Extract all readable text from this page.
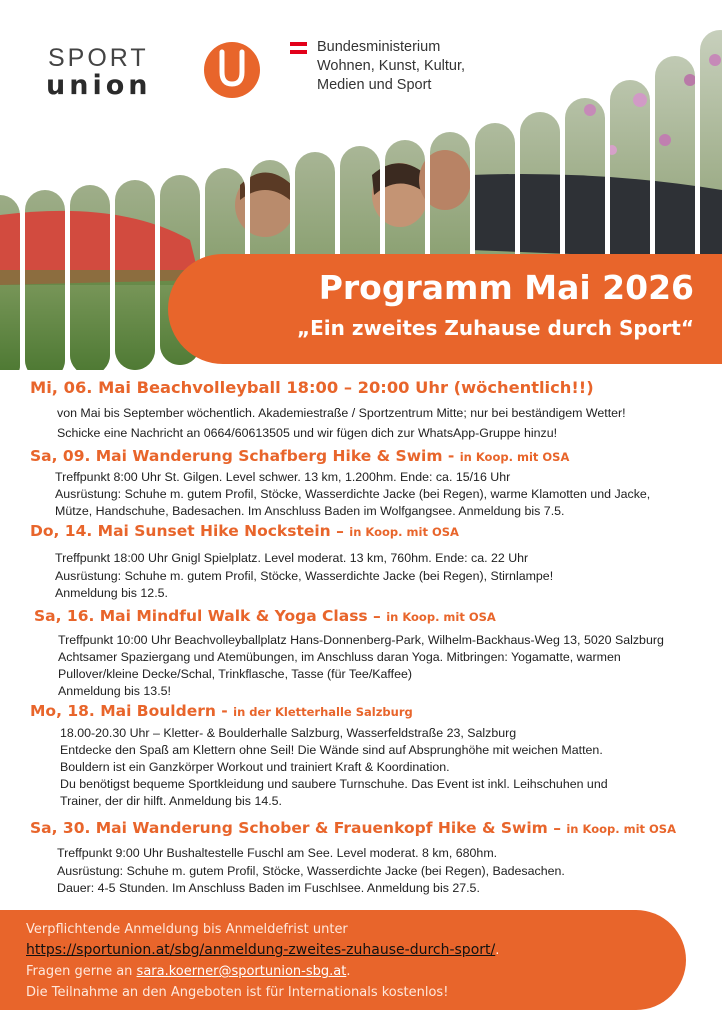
SPORT
union
Bundesministerium
Wohnen, Kunst, Kultur,
Medien und Sport
Programm Mai 2026
„Ein zweites Zuhause durch Sport“
Mi, 06. Mai Beachvolleyball 18:00 – 20:00 Uhr (wöchentlich!!)
von Mai bis September wöchentlich. Akademiestraße / Sportzentrum Mitte; nur bei beständigem Wetter!
Schicke eine Nachricht an 0664/60613505 und wir fügen dich zur WhatsApp-Gruppe hinzu!
Sa, 09. Mai Wanderung Schafberg Hike & Swim - in Koop. mit OSA
Treffpunkt 8:00 Uhr St. Gilgen. Level schwer. 13 km, 1.200hm. Ende: ca. 15/16 Uhr
Ausrüstung: Schuhe m. gutem Profil, Stöcke, Wasserdichte Jacke (bei Regen), warme Klamotten und Jacke,
Mütze, Handschuhe, Badesachen. Im Anschluss Baden im Wolfgangsee. Anmeldung bis 7.5.
Do, 14. Mai Sunset Hike Nockstein – in Koop. mit OSA
Treffpunkt 18:00 Uhr Gnigl Spielplatz. Level moderat. 13 km, 760hm. Ende: ca. 22 Uhr
Ausrüstung: Schuhe m. gutem Profil, Stöcke, Wasserdichte Jacke (bei Regen), Stirnlampe!
Anmeldung bis 12.5.
Sa, 16. Mai Mindful Walk & Yoga Class – in Koop. mit OSA
Treffpunkt 10:00 Uhr Beachvolleyballplatz Hans-Donnenberg-Park, Wilhelm-Backhaus-Weg 13, 5020 Salzburg
Achtsamer Spaziergang und Atemübungen, im Anschluss daran Yoga. Mitbringen: Yogamatte, warmen
Pullover/kleine Decke/Schal, Trinkflasche, Tasse (für Tee/Kaffee)
Anmeldung bis 13.5!
Mo, 18. Mai Bouldern - in der Kletterhalle Salzburg
18.00-20.30 Uhr – Kletter- & Boulderhalle Salzburg, Wasserfeldstraße 23, Salzburg
Entdecke den Spaß am Klettern ohne Seil! Die Wände sind auf Absprunghöhe mit weichen Matten.
Bouldern ist ein Ganzkörper Workout und trainiert Kraft & Koordination.
Du benötigst bequeme Sportkleidung und saubere Turnschuhe. Das Event ist inkl. Leihschuhen und
Trainer, der dir hilft. Anmeldung bis 14.5.
Sa, 30. Mai Wanderung Schober & Frauenkopf Hike & Swim – in Koop. mit OSA
Treffpunkt 9:00 Uhr Bushaltestelle Fuschl am See. Level moderat. 8 km, 680hm.
Ausrüstung: Schuhe m. gutem Profil, Stöcke, Wasserdichte Jacke (bei Regen), Badesachen.
Dauer: 4-5 Stunden. Im Anschluss Baden im Fuschlsee. Anmeldung bis 27.5.
Verpflichtende Anmeldung bis Anmeldefrist unter
https://sportunion.at/sbg/anmeldung-zweites-zuhause-durch-sport/.
Fragen gerne an sara.koerner@sportunion-sbg.at.
Die Teilnahme an den Angeboten ist für Internationals kostenlos!
